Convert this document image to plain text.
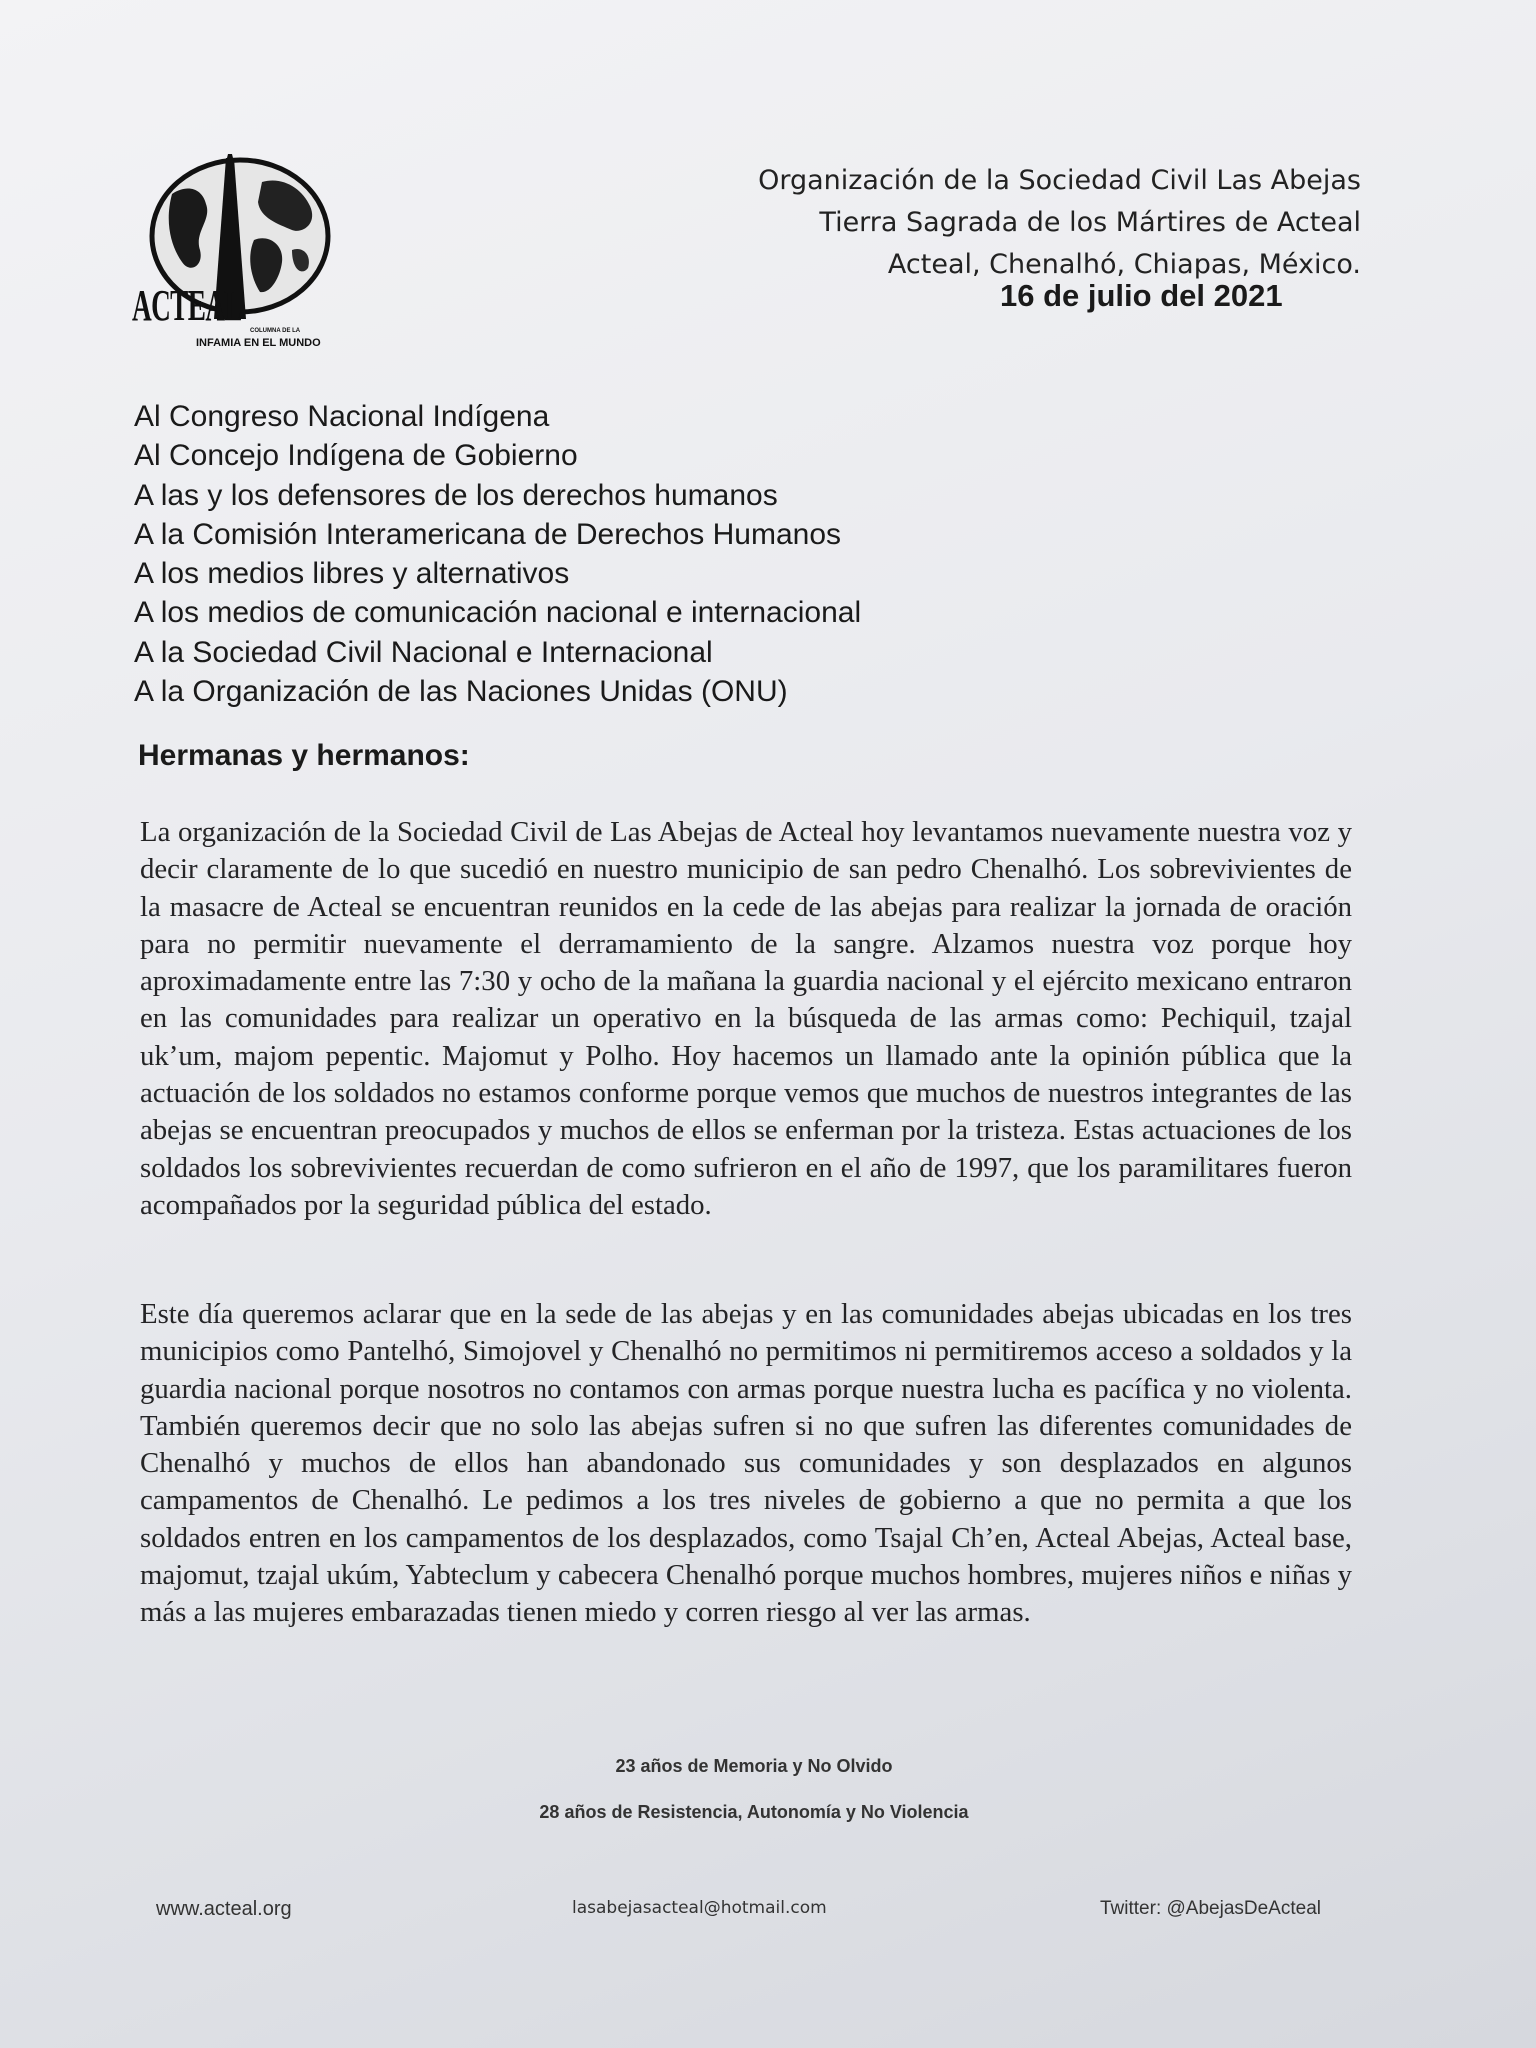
ACTEAL
COLUMNA DE LA
INFAMIA EN EL MUNDO
Organización de la Sociedad Civil Las Abejas
Tierra Sagrada de los Mártires de Acteal
Acteal, Chenalhó, Chiapas, México.
16 de julio del 2021
Al Congreso Nacional Indígena
Al Concejo Indígena de Gobierno
A las y los defensores de los derechos humanos
A la Comisión Interamericana de Derechos Humanos
A los medios libres y alternativos
A los medios de comunicación nacional e internacional
A la Sociedad Civil Nacional e Internacional
A la Organización de las Naciones Unidas (ONU)
Hermanas y hermanos:

La organización de la Sociedad Civil de Las Abejas de Acteal hoy levantamos nuevamente nuestra voz y decir claramente de lo que sucedió en nuestro municipio de san pedro Chenalhó. Los sobrevivientes de la masacre de Acteal se encuentran reunidos en la cede de las abejas para realizar la jornada de oración para no permitir nuevamente el derramamiento de la sangre. Alzamos nuestra voz porque hoy aproximadamente entre las 7:30 y ocho de la mañana la guardia nacional y el ejército mexicano entraron en las comunidades para realizar un operativo en la búsqueda de las armas como: Pechiquil, tzajal uk’um, majom pepentic. Majomut y Polho. Hoy hacemos un llamado ante la opinión pública que la actuación de los soldados no estamos conforme porque vemos que muchos de nuestros integrantes de las abejas se encuentran preocupados y muchos de ellos se enferman por la tristeza. Estas actuaciones de los soldados los sobrevivientes recuerdan de como sufrieron en el año de 1997, que los paramilitares fueron acompañados por la seguridad pública del estado.

Este día queremos aclarar que en la sede de las abejas y en las comunidades abejas ubicadas en los tres municipios como Pantelhó, Simojovel y Chenalhó no permitimos ni permitiremos acceso a soldados y la guardia nacional porque nosotros no contamos con armas porque nuestra lucha es pacífica y no violenta. También queremos decir que no solo las abejas sufren si no que sufren las diferentes comunidades de Chenalhó y muchos de ellos han abandonado sus comunidades y son desplazados en algunos campamentos de Chenalhó. Le pedimos a los tres niveles de gobierno a que no permita a que los soldados entren en los campamentos de los desplazados, como Tsajal Ch’en, Acteal Abejas, Acteal base, majomut, tzajal ukúm, Yabteclum y cabecera Chenalhó porque muchos hombres, mujeres niños e niñas y más a las mujeres embarazadas tienen miedo y corren riesgo al ver las armas.

23 años de Memoria y No Olvido
28 años de Resistencia, Autonomía y No Violencia
www.acteal.org	lasabejasacteal@hotmail.com	Twitter: @AbejasDeActeal
